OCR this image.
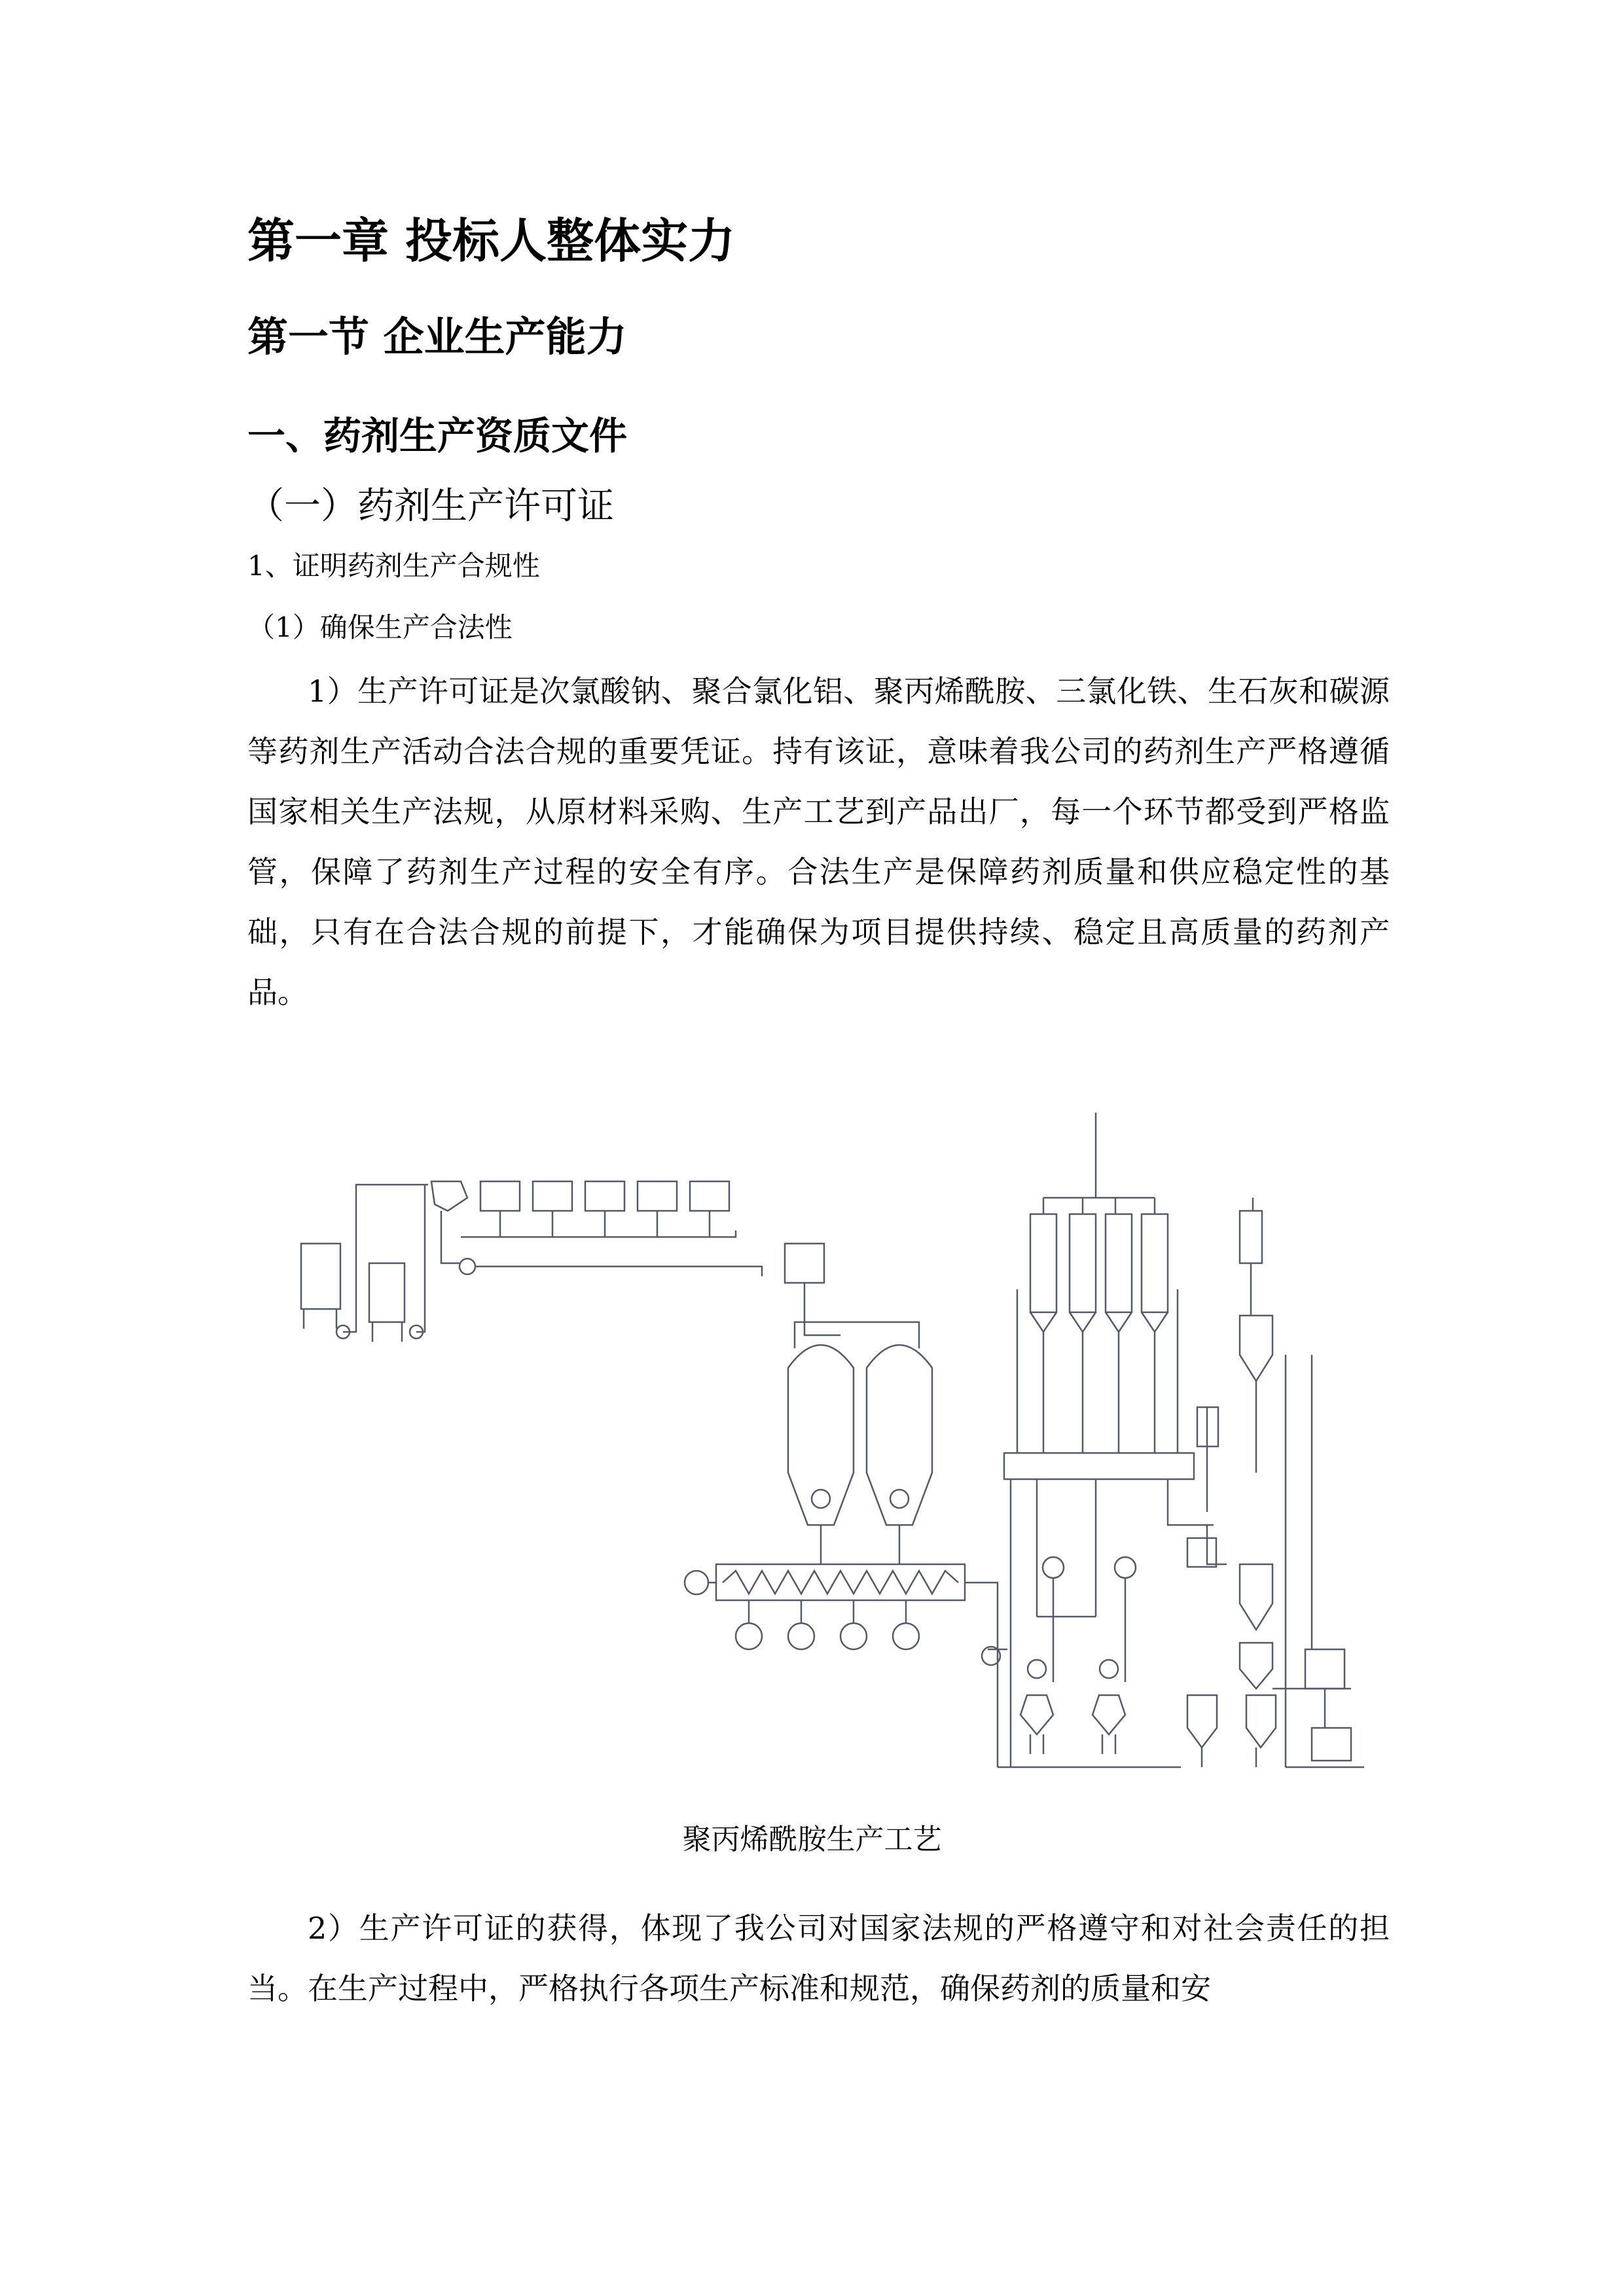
第一章 投标人整体实力
第一节 企业生产能力
一、药剂生产资质文件
（一）药剂生产许可证
1、证明药剂生产合规性
（1）确保生产合法性

1）生产许可证是次氯酸钠、聚合氯化铝、聚丙烯酰胺、三氯化铁、生石灰和碳源等药剂生产活动合法合规的重要凭证。持有该证，意味着我公司的药剂生产严格遵循国家相关生产法规，从原材料采购、生产工艺到产品出厂，每一个环节都受到严格监管，保障了药剂生产过程的安全有序。合法生产是保障药剂质量和供应稳定性的基础，只有在合法合规的前提下，才能确保为项目提供持续、稳定且高质量的药剂产品。

聚丙烯酰胺生产工艺

2）生产许可证的获得，体现了我公司对国家法规的严格遵守和对社会责任的担当。在生产过程中，严格执行各项生产标准和规范，确保药剂的质量和安
